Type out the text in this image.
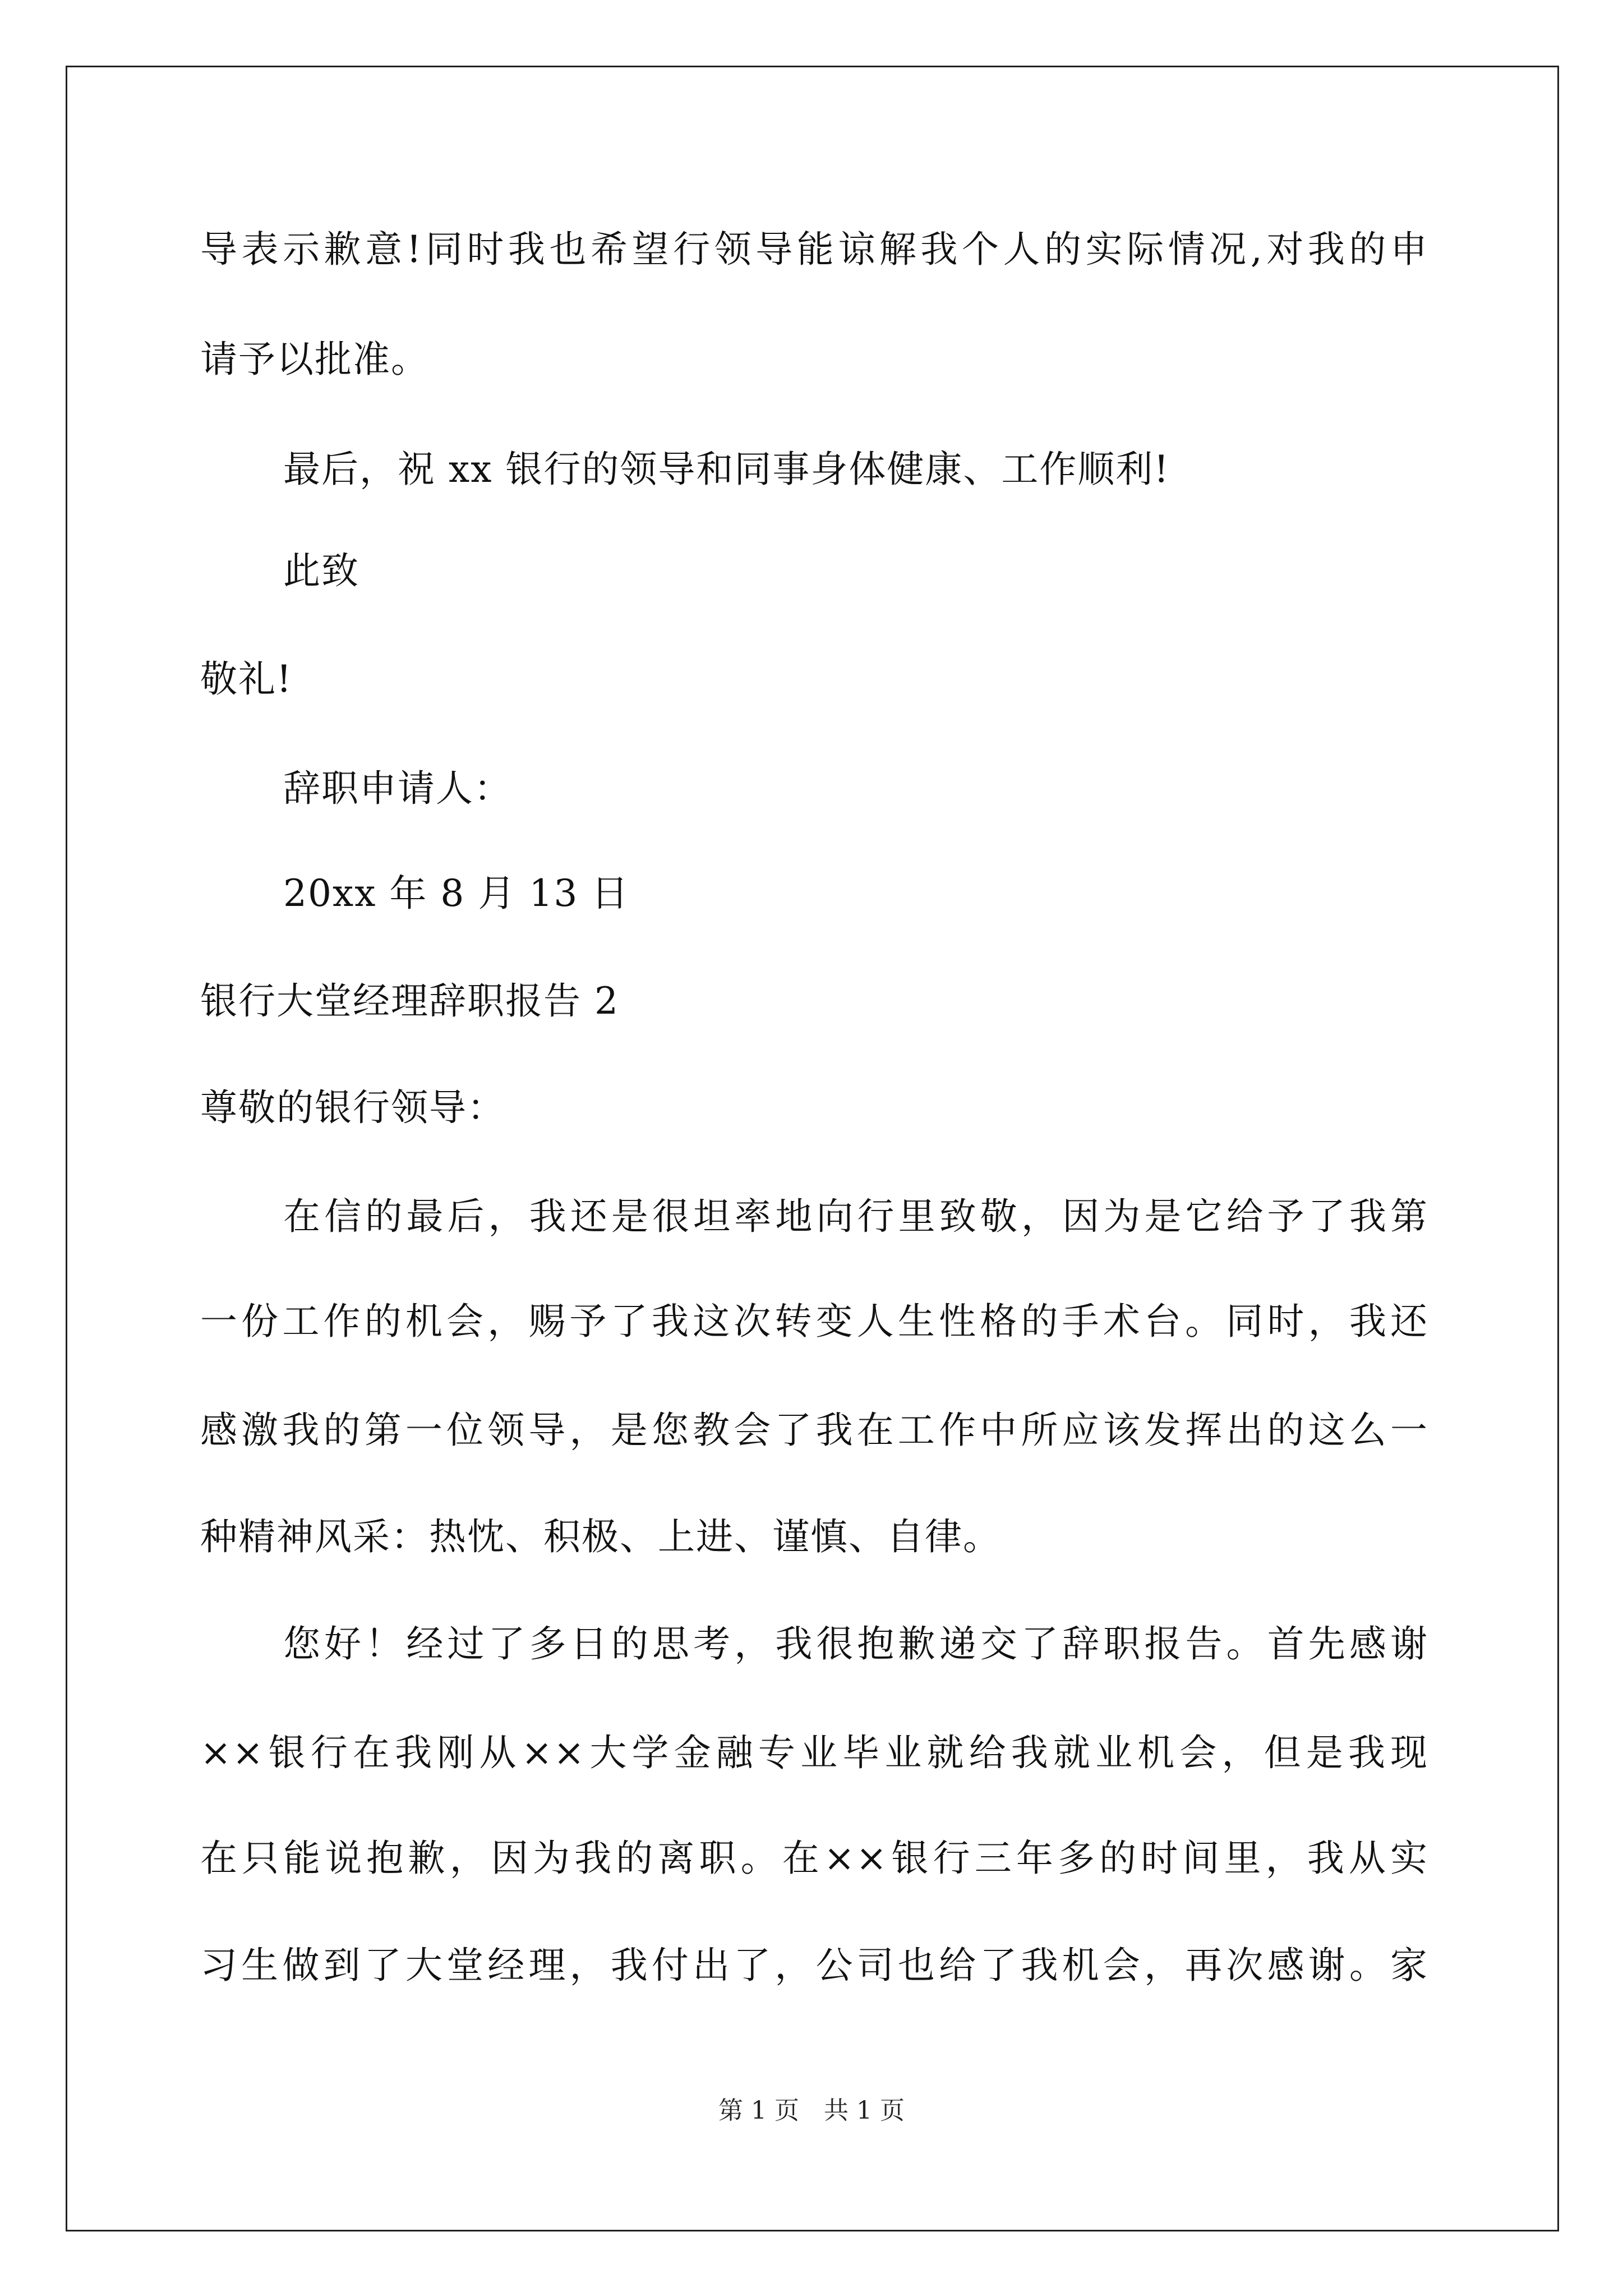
导表示歉意!同时我也希望行领导能谅解我个人的实际情况,对我的申
请予以批准。
最后，祝 xx 银行的领导和同事身体健康、工作顺利!
此致
敬礼!
辞职申请人：
20xx 年 8 月 13 日
银行大堂经理辞职报告 2
尊敬的银行领导：
在信的最后，我还是很坦率地向行里致敬，因为是它给予了我第
一份工作的机会，赐予了我这次转变人生性格的手术台。同时，我还
感激我的第一位领导，是您教会了我在工作中所应该发挥出的这么一
种精神风采：热忱、积极、上进、谨慎、自律。
您好！经过了多日的思考，我很抱歉递交了辞职报告。首先感谢
××银行在我刚从××大学金融专业毕业就给我就业机会，但是我现
在只能说抱歉，因为我的离职。在××银行三年多的时间里，我从实
习生做到了大堂经理，我付出了，公司也给了我机会，再次感谢。家
第 1 页　共 1 页
